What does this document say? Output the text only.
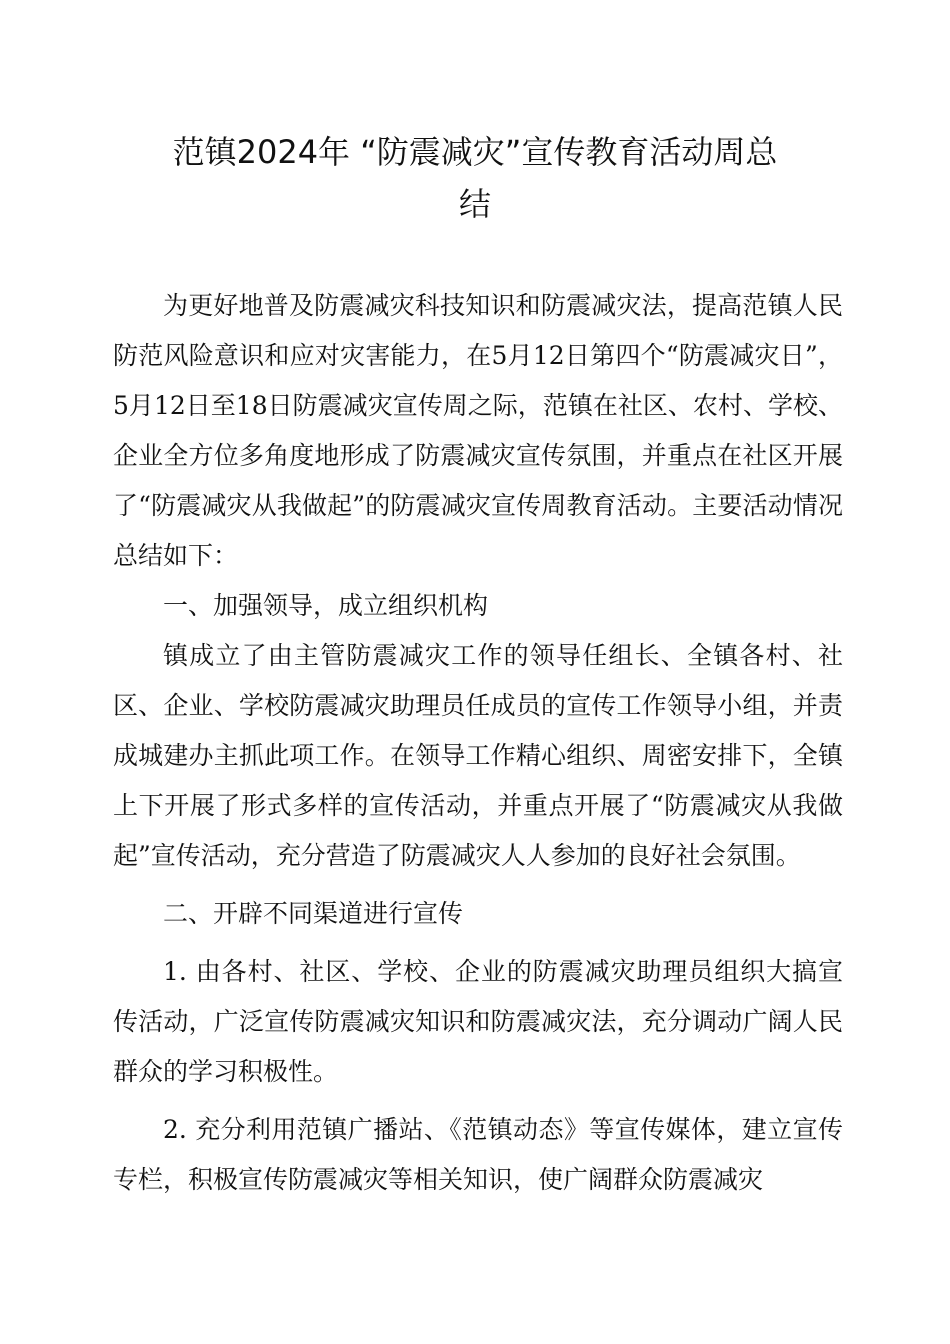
范镇2024年 “防震减灾”宣传教育活动周总
结

为更好地普及防震减灾科技知识和防震减灾法，提高范镇人民防范风险意识和应对灾害能力，在5月12日第四个“防震减灾日”， 5月12日至18日防震减灾宣传周之际，范镇在社区、农村、学校、企业全方位多角度地形成了防震减灾宣传氛围，并重点在社区开展了“防震减灾从我做起”的防震减灾宣传周教育活动。主要活动情况总结如下：

一、加强领导，成立组织机构

镇成立了由主管防震减灾工作的领导任组长、全镇各村、社区、企业、学校防震减灾助理员任成员的宣传工作领导小组，并责成城建办主抓此项工作。在领导工作精心组织、周密安排下，全镇上下开展了形式多样的宣传活动，并重点开展了“防震减灾从我做起”宣传活动，充分营造了防震减灾人人参加的良好社会氛围。

二、开辟不同渠道进行宣传

1. 由各村、社区、学校、企业的防震减灾助理员组织大搞宣传活动，广泛宣传防震减灾知识和防震减灾法，充分调动广阔人民群众的学习积极性。

2. 充分利用范镇广播站、《范镇动态》等宣传媒体，建立宣传专栏，积极宣传防震减灾等相关知识，使广阔群众防震减灾
